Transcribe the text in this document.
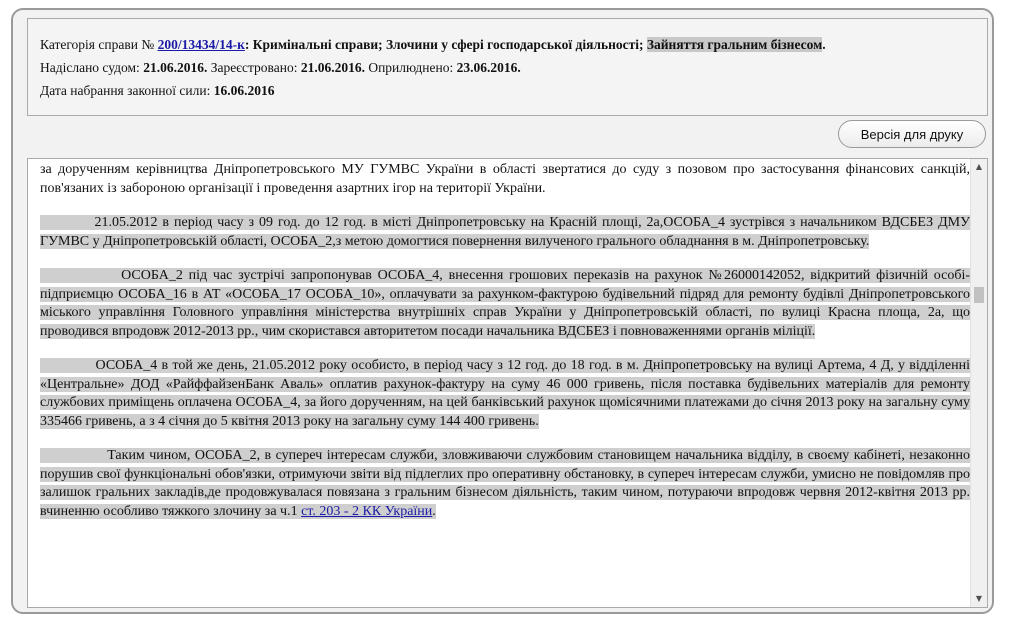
Категорія справи № 200/13434/14-к: Кримінальні справи; Злочини у сфері господарської діяльності; Зайняття гральним бізнесом.
Надіслано судом: 21.06.2016. Зареєстровано: 21.06.2016. Оприлюднено: 23.06.2016.
Дата набрання законної сили: 16.06.2016
Версія для друку

за дорученням керівництва Дніпропетровського МУ ГУМВС України в області звертатися до суду з позовом про застосування фінансових санкцій, пов'язаних із забороною організації і проведення азартних ігор на території України.

21.05.2012 в період часу з 09 год. до 12 год. в місті Дніпропетровську на Красній площі, 2а,ОСОБА_4 зустрівся з начальником ВДСБЕЗ ДМУ ГУМВС у Дніпропетровській області, ОСОБА_2,з метою домогтися повернення вилученого грального обладнання в м. Дніпропетровську.

ОСОБА_2 під час зустрічі запропонував ОСОБА_4, внесення грошових переказів на рахунок №26000142052, відкритий фізичній особі-підприємцю ОСОБА_16 в АТ «ОСОБА_17 ОСОБА_10», оплачувати за рахунком-фактурою будівельний підряд для ремонту будівлі Дніпропетровського міського управління Головного управління міністерства внутрішніх справ України у Дніпропетровській області, по вулиці Красна площа, 2а, що проводився впродовж 2012-2013 рр., чим скористався авторитетом посади начальника ВДСБЕЗ і повноваженнями органів міліції.

ОСОБА_4 в той же день, 21.05.2012 року особисто, в період часу з 12 год. до 18 год. в м. Дніпропетровську на вулиці Артема, 4 Д, у відділенні «Центральне» ДОД «РайффайзенБанк Аваль» оплатив рахунок-фактуру на суму 46 000 гривень, після поставка будівельних матеріалів для ремонту службових приміщень оплачена ОСОБА_4, за його дорученням, на цей банківський рахунок щомісячними платежами до січня 2013 року на загальну суму 335466 гривень, а з 4 січня до 5 квітня 2013 року на загальну суму 144 400 гривень.

Таким чином, ОСОБА_2, в супереч інтересам служби, зловживаючи службовим становищем начальника відділу, в своєму кабінеті, незаконно порушив свої функціональні обов'язки, отримуючи звіти від підлеглих про оперативну обстановку, в супереч інтересам служби, умисно не повідомляв про залишок гральних закладів,де продовжувалася повязана з гральним бізнесом діяльність, таким чином, потураючи впродовж червня 2012-квітня 2013 рр. вчиненню особливо тяжкого злочину за ч.1 ст. 203 - 2 КК України.

▲
▼
